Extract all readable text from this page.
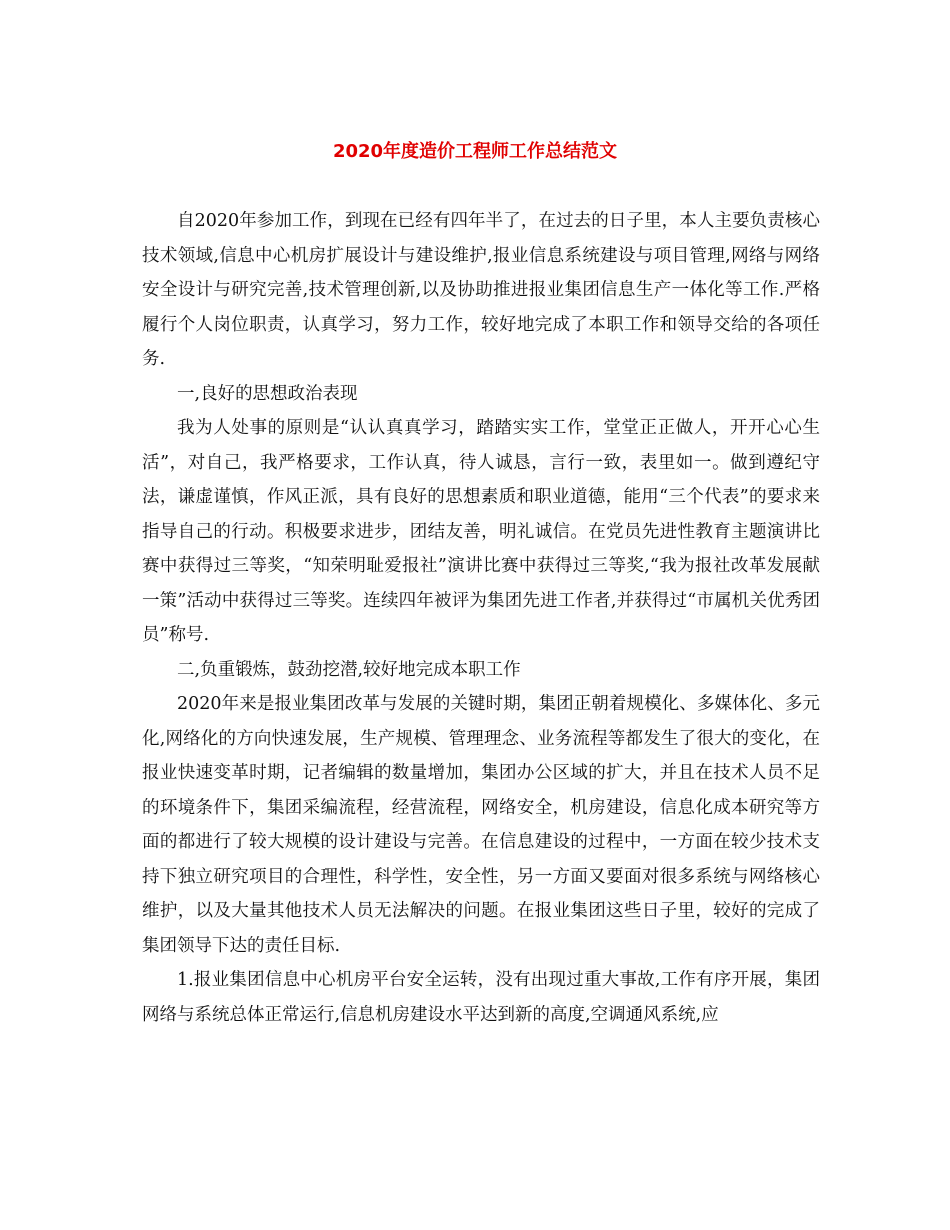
2020年度造价工程师工作总结范文

自2020年参加工作，到现在已经有四年半了，在过去的日子里，本人主要负责核心技术领域,信息中心机房扩展设计与建设维护,报业信息系统建设与项目管理,网络与网络安全设计与研究完善,技术管理创新,以及协助推进报业集团信息生产一体化等工作.严格履行个人岗位职责，认真学习，努力工作，较好地完成了本职工作和领导交给的各项任务.

一,良好的思想政治表现

我为人处事的原则是“认认真真学习，踏踏实实工作，堂堂正正做人，开开心心生活”，对自己，我严格要求，工作认真，待人诚恳，言行一致，表里如一。做到遵纪守法，谦虚谨慎，作风正派，具有良好的思想素质和职业道德，能用“三个代表”的要求来指导自己的行动。积极要求进步，团结友善，明礼诚信。在党员先进性教育主题演讲比赛中获得过三等奖，“知荣明耻爱报社”演讲比赛中获得过三等奖,“我为报社改革发展献一策”活动中获得过三等奖。连续四年被评为集团先进工作者,并获得过“市属机关优秀团员”称号.

二,负重锻炼，鼓劲挖潜,较好地完成本职工作

2020年来是报业集团改革与发展的关键时期，集团正朝着规模化、多媒体化、多元化,网络化的方向快速发展，生产规模、管理理念、业务流程等都发生了很大的变化，在报业快速变革时期，记者编辑的数量增加，集团办公区域的扩大，并且在技术人员不足的环境条件下，集团采编流程，经营流程，网络安全，机房建设，信息化成本研究等方面的都进行了较大规模的设计建设与完善。在信息建设的过程中，一方面在较少技术支持下独立研究项目的合理性，科学性，安全性，另一方面又要面对很多系统与网络核心维护，以及大量其他技术人员无法解决的问题。在报业集团这些日子里，较好的完成了集团领导下达的责任目标.

1.报业集团信息中心机房平台安全运转，没有出现过重大事故,工作有序开展，集团网络与系统总体正常运行,信息机房建设水平达到新的高度,空调通风系统,应
